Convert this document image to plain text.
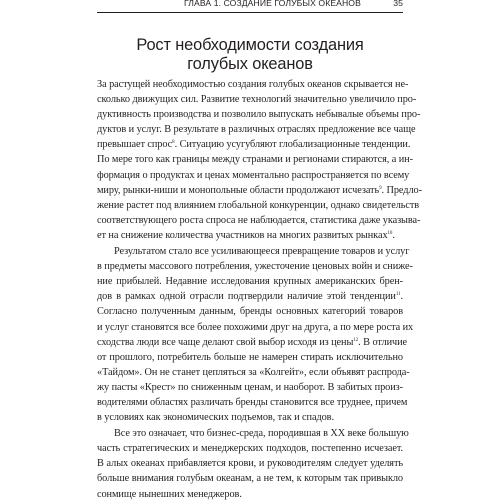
ГЛАВА 1. СОЗДАНИЕ ГОЛУБЫХ ОКЕАНОВ	35
Рост необходимости создания
голубых океанов

За растущей необходимостью создания голубых океанов скрывается не-
сколько движущих сил. Развитие технологий значительно увеличило про-
дуктивность производства и позволило выпускать небывалые объемы про-
дуктов и услуг. В результате в различных отраслях предложение все чаще
превышает спрос$^8$. Ситуацию усугубляют глобализационные тенденции.
По мере того как границы между странами и регионами стираются, а ин-
формация о продуктах и ценах моментально распространяется по всему
миру, рынки-ниши и монопольные области продолжают исчезать$^9$. Предло-
жение растет под влиянием глобальной конкуренции, однако свидетельств
соответствующего роста спроса не наблюдается, статистика даже указыва-
ет на снижение количества участников на многих развитых рынках$^{10}$.

Результатом стало все усиливающееся превращение товаров и услуг
в предметы массового потребления, ужесточение ценовых войн и сниже-
ние прибылей. Недавние исследования крупных американских брен-
дов в рамках одной отрасли подтвердили наличие этой тенденции$^{11}$.
Согласно полученным данным, бренды основных категорий товаров
и услуг становятся все более похожими друг на друга, а по мере роста их
сходства люди все чаще делают свой выбор исходя из цены$^{12}$. В отличие
от прошлого, потребитель больше не намерен стирать исключительно
«Тайдом». Он не станет цепляться за «Колгейт», если объявят распрода-
жу пасты «Крест» по сниженным ценам, и наоборот. В забитых произ-
водителями областях различать бренды становится все труднее, причем
в условиях как экономических подъемов, так и спадов.

Все это означает, что бизнес-среда, породившая в XX веке большую
часть стратегических и менеджерских подходов, постепенно исчезает.
В алых океанах прибавляется крови, и руководителям следует уделять
больше внимания голубым океанам, а не тем, к которым так привыкло
сонмище нынешних менеджеров.
